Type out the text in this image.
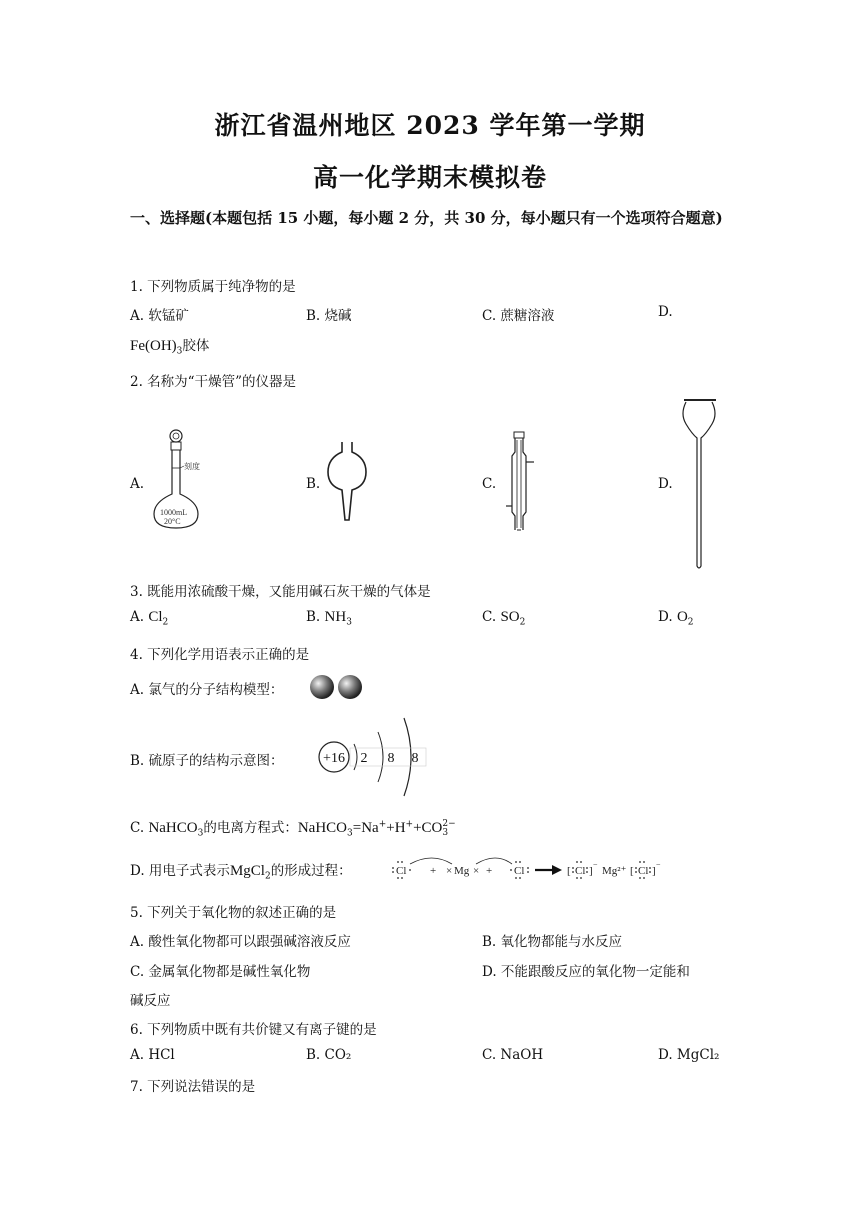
浙江省温州地区 2023 学年第一学期
高一化学期末模拟卷
一、选择题(本题包括 15 小题，每小题 2 分，共 30 分，每小题只有一个选项符合题意)
1. 下列物质属于纯净物的是
A. 软锰矿	B. 烧碱	C. 蔗糖溶液	D.
$Fe(OH)_3$胶体
2. 名称为“干燥管”的仪器是
A.	B.	C.	D.
刻度
1000mL
20°C
3. 既能用浓硫酸干燥，又能用碱石灰干燥的气体是
A. $Cl_2$	B. $NH_3$	C. $SO_2$	D. $O_2$
4. 下列化学用语表示正确的是
A. 氯气的分子结构模型：
B. 硫原子的结构示意图：	+16 2 8 8
C. NaHCO$_3$的电离方程式：NaHCO$_3$=Na++H++CO 2−
3
D. 用电子式表示MgCl$_2$的形成过程：	Cl + × Mg × + Cl	[ Cl ]
−
Mg²⁺ [ Cl ]
−
5. 下列关于氧化物的叙述正确的是
A. 酸性氧化物都可以跟强碱溶液反应	B. 氧化物都能与水反应
C. 金属氧化物都是碱性氧化物	D. 不能跟酸反应的氧化物一定能和
碱反应
6. 下列物质中既有共价键又有离子键的是
A. HCl	B. CO₂	C. NaOH	D. MgCl₂
7. 下列说法错误的是
